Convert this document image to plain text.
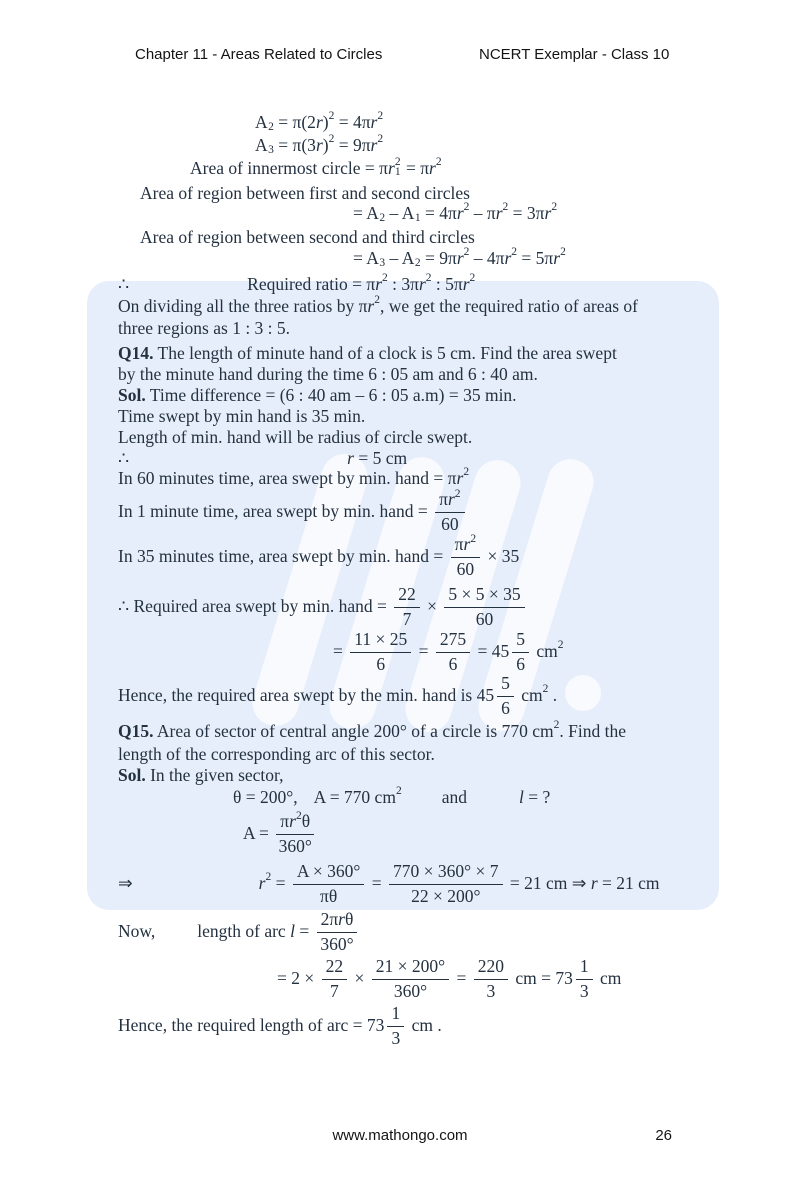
Chapter 11 - Areas Related to Circles	NCERT Exemplar - Class 10
A 2 = π(2 r ) 2 = 4π r 2
A 3 = π(3 r ) 2 = 9π r 2
Area of innermost circle = π r 2
1 = π r 2
Area of region between first and second circles
= A 2 – A 1 = 4π r 2 – π r 2 = 3π r 2
Area of region between second and third circles
= A 3 – A 2 = 9π r 2 – 4π r 2 = 5π r 2
∴	Required ratio = π r 2 : 3π r 2 : 5π r 2
On dividing all the three ratios by π r 2 , we get the required ratio of areas of
three regions as 1 : 3 : 5.
Q14. The length of minute hand of a clock is 5 cm. Find the area swept
by the minute hand during the time 6 : 05 am and 6 : 40 am.
Sol. Time difference = (6 : 40 am – 6 : 05 a.m) = 35 min.
Time swept by min hand is 35 min.
Length of min. hand will be radius of circle swept.
∴	r = 5 cm
In 60 minutes time, area swept by min. hand = π r 2
In 1 minute time, area swept by min. hand = $\frac{\text{π r 2}}{60}$
In 35 minutes time, area swept by min. hand = $\frac{\text{π r 2}}{60} \times 35$
∴ Required area swept by min. hand = $\frac{22}{7} \times \frac{5 \times 5 \times 35}{60}$
= $\frac{11 \times 25}{6} = \frac{275}{6} = 45 \frac{5}{6}$ cm 2
Hence, the required area swept by the min. hand is $45 \frac{5}{6}$ cm 2 .
Q15. Area of sector of central angle 200° of a circle is 770 cm 2 . Find the
length of the corresponding arc of this sector.
Sol. In the given sector,
θ = 200°, A = 770 cm 2 and	l = ?
$A = \frac{\text{π r 2 θ}}{360^\circ}$
⇒	r $2 = \frac{A \times 360^\circ}{\pi\theta} = \frac{770 \times 360^\circ \times 7}{22 \times 200^\circ} = 21$ cm ⇒ r = 21 cm
Now, length of arc $l = \frac{\text{2π r θ}}{360^\circ}$
= $2 \times \frac{22}{7} \times \frac{21 \times 200^\circ}{360^\circ} = \frac{220}{3}$ cm = $73 \frac{1}{3}$ cm
Hence, the required length of arc = $73 \frac{1}{3}$ cm .
www.mathongo.com	26
